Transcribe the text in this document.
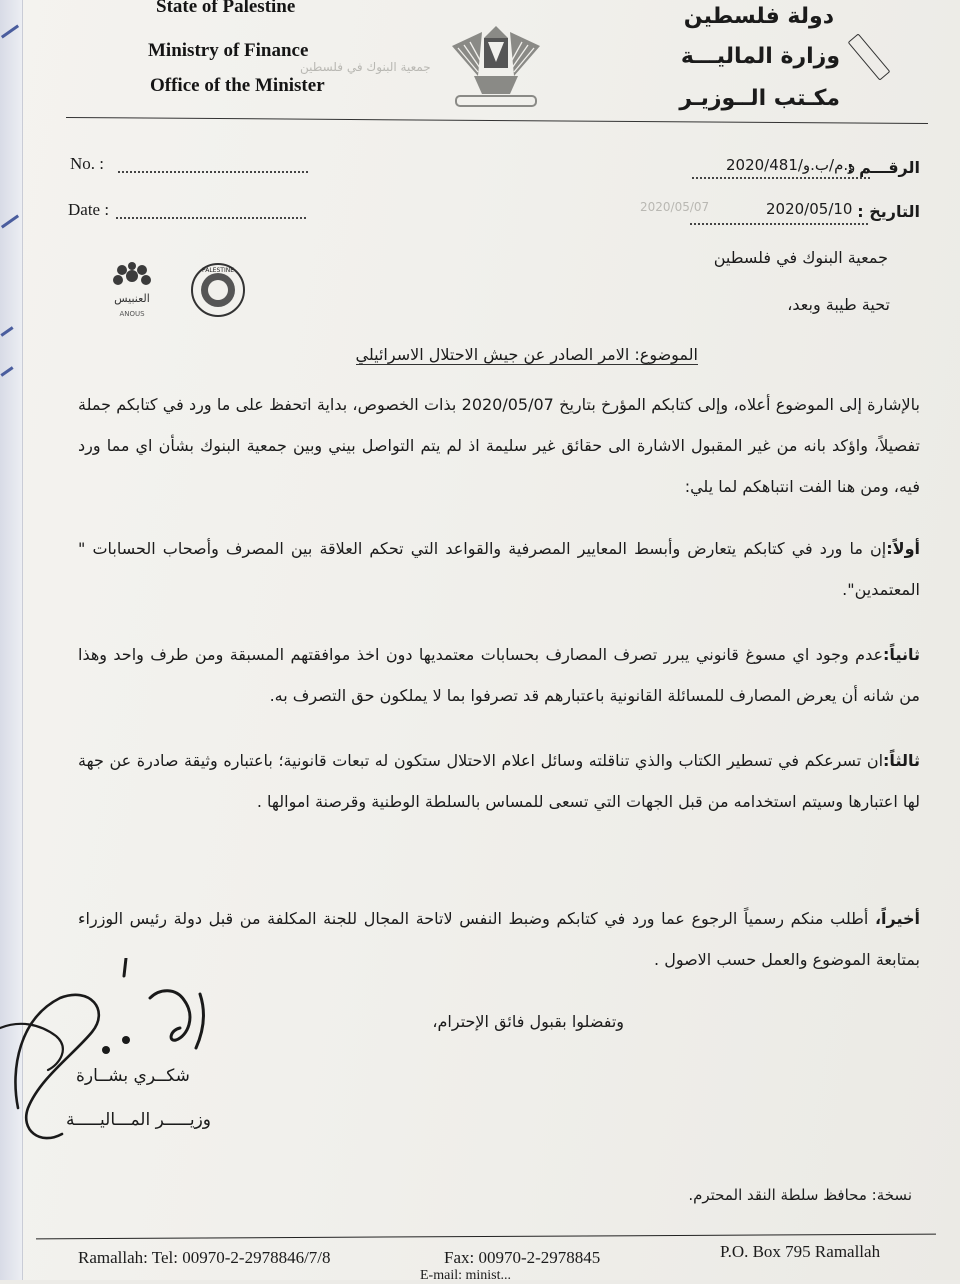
State of Palestine
Ministry of Finance
Office of the Minister
دولة فلسطين
وزارة الماليـــة
مكـتب الــوزيـر
جمعية البنوك في فلسطين
2020/05/07
No. :
Date :
الرقـــم :
و.م/ب.و/2020/481
التاريخ :
2020/05/10
العنبيس
ANOUS
PALESTINE
جمعية البنوك في فلسطين
تحية طيبة وبعد،
الموضوع: الامر الصادر عن جيش الاحتلال الاسرائيلي
بالإشارة إلى الموضوع أعلاه، وإلى كتابكم المؤرخ بتاريخ 2020/05/07 بذات الخصوص، بداية اتحفظ على ما ورد في كتابكم جملة تفصيلاً، واؤكد بانه من غير المقبول الاشارة الى حقائق غير سليمة اذ لم يتم التواصل بيني وبين جمعية البنوك بشأن اي مما ورد فيه، ومن هنا الفت انتباهكم لما يلي:
أولاً:إن ما ورد في كتابكم يتعارض وأبسط المعايير المصرفية والقواعد التي تحكم العلاقة بين المصرف وأصحاب الحسابات " المعتمدين".
ثانياً:عدم وجود اي مسوغ قانوني يبرر تصرف المصارف بحسابات معتمديها دون اخذ موافقتهم المسبقة ومن طرف واحد وهذا من شانه أن يعرض المصارف للمسائلة القانونية باعتبارهم قد تصرفوا بما لا يملكون حق التصرف به.
ثالثاً:ان تسرعكم في تسطير الكتاب والذي تناقلته وسائل اعلام الاحتلال ستكون له تبعات قانونية؛ باعتباره وثيقة صادرة عن جهة لها اعتبارها وسيتم استخدامه من قبل الجهات التي تسعى للمساس بالسلطة الوطنية وقرصنة اموالها .
أخيراً، أطلب منكم رسمياً الرجوع عما ورد في كتابكم وضبط النفس لاتاحة المجال للجنة المكلفة من قبل دولة رئيس الوزراء بمتابعة الموضوع والعمل حسب الاصول .
وتفضلوا بقبول فائق الإحترام،
شكــري بشــارة
وزيـــــر المـــاليـــــة
نسخة: محافظ سلطة النقد المحترم.
Ramallah: Tel: 00970-2-2978846/7/8	Fax: 00970-2-2978845	P.O. Box 795 Ramallah
E-mail: minist...
